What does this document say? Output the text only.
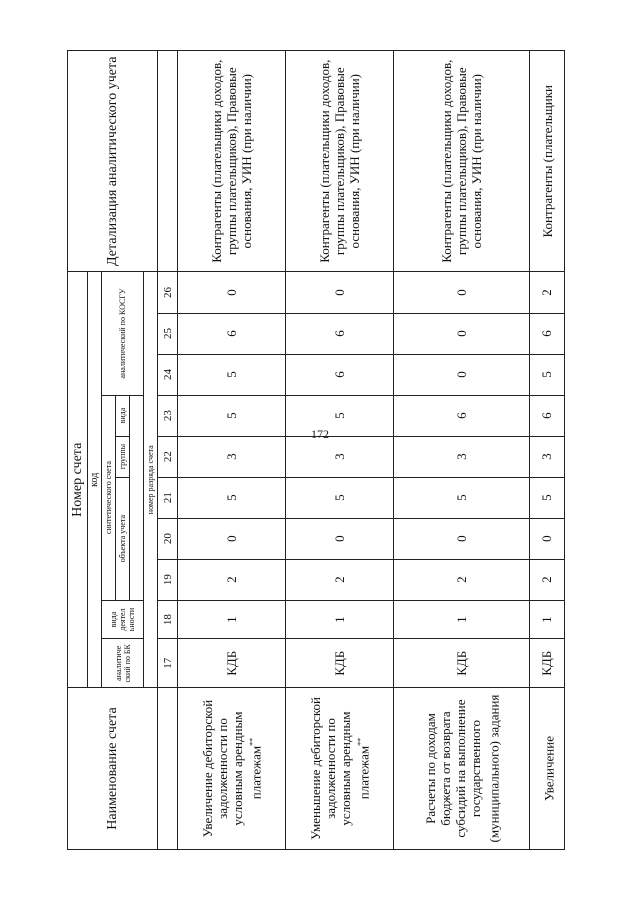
172
Наименование счета	Номер счета										Детализация аналитического учета
	код										
	аналитиче ский по БК	вида деятел ьности	синтетического счета					аналитический по КОСГУ			
			объекта учета			группы	вида				

	номер разряда счета										
	17	18	19	20	21	22	23	24	25	26	
Увеличение дебиторской задолженности по условным арендным платежам**	КДБ	1	2	0	5	3	5	5	6	0	Контрагенты (плательщики доходов, группы плательщиков), Правовые основания, УИН (при наличии)
Уменьшение дебиторской задолженности по условным арендным платежам**	КДБ	1	2	0	5	3	5	6	6	0	Контрагенты (плательщики доходов, группы плательщиков), Правовые основания, УИН (при наличии)
Расчеты по доходам бюджета от возврата субсидий на выполнение государственного (муниципального) задания	КДБ	1	2	0	5	3	6	0	0	0	Контрагенты (плательщики доходов, группы плательщиков), Правовые основания, УИН (при наличии)
Увеличение	КДБ	1	2	0	5	3	6	5	6	2	Контрагенты (плательщики
